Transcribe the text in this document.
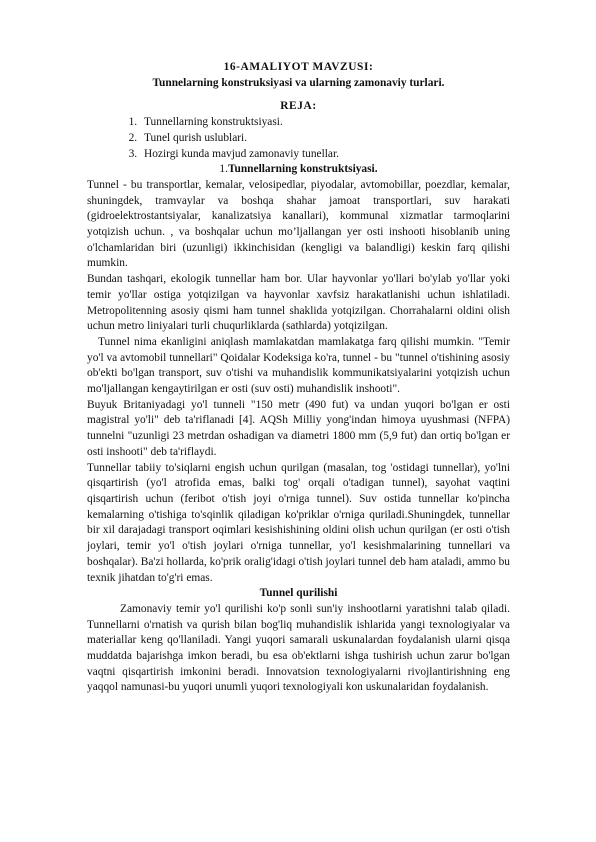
16-AMALIYOT MAVZUSI:
Tunnelarning konstruksiyasi va ularning zamonaviy turlari.
REJA:
1. Tunnellarning konstruktsiyasi.
2. Tunel qurish uslublari.
3. Hozirgi kunda mavjud zamonaviy tunellar.
1.Tunnellarning konstruktsiyasi.

Tunnel - bu transportlar, kemalar, velosipedlar, piyodalar, avtomobillar, poezdlar, kemalar, shuningdek, tramvaylar va boshqa shahar jamoat transportlari, suv harakati (gidroelektrostantsiyalar, kanalizatsiya kanallari), kommunal xizmatlar tarmoqlarini yotqizish uchun. , va boshqalar uchun mo’ljallangan yer osti inshooti hisoblanib uning o'lchamlaridan biri (uzunligi) ikkinchisidan (kengligi va balandligi) keskin farq qilishi mumkin.

Bundan tashqari, ekologik tunnellar ham bor. Ular hayvonlar yo'llari bo'ylab yo'llar yoki temir yo'llar ostiga yotqizilgan va hayvonlar xavfsiz harakatlanishi uchun ishlatiladi. Metropolitenning asosiy qismi ham tunnel shaklida yotqizilgan. Chorrahalarni oldini olish uchun metro liniyalari turli chuqurliklarda (sathlarda) yotqizilgan.

Tunnel nima ekanligini aniqlash mamlakatdan mamlakatga farq qilishi mumkin. "Temir yo'l va avtomobil tunnellari" Qoidalar Kodeksiga ko'ra, tunnel - bu "tunnel o'tishining asosiy ob'ekti bo'lgan transport, suv o'tishi va muhandislik kommunikatsiyalarini yotqizish uchun mo'ljallangan kengaytirilgan er osti (suv osti) muhandislik inshooti".

Buyuk Britaniyadagi yo'l tunneli "150 metr (490 fut) va undan yuqori bo'lgan er osti magistral yo'li" deb ta'riflanadi [4]. AQSh Milliy yong'indan himoya uyushmasi (NFPA) tunnelni "uzunligi 23 metrdan oshadigan va diametri 1800 mm (5,9 fut) dan ortiq bo'lgan er osti inshooti" deb ta'riflaydi.

Tunnellar tabiiy to'siqlarni engish uchun qurilgan (masalan, tog 'ostidagi tunnellar), yo'lni qisqartirish (yo'l atrofida emas, balki tog' orqali o'tadigan tunnel), sayohat vaqtini qisqartirish uchun (feribot o'tish joyi o'rniga tunnel). Suv ostida tunnellar ko'pincha kemalarning o'tishiga to'sqinlik qiladigan ko'priklar o'rniga quriladi.Shuningdek, tunnellar bir xil darajadagi transport oqimlari kesishishining oldini olish uchun qurilgan (er osti o'tish joylari, temir yo'l o'tish joylari o'rniga tunnellar, yo'l kesishmalarining tunnellari va boshqalar). Ba'zi hollarda, ko'prik oralig'idagi o'tish joylari tunnel deb ham ataladi, ammo bu texnik jihatdan to'g'ri emas.

Tunnel qurilishi

Zamonaviy temir yo'l qurilishi ko'p sonli sun'iy inshootlarni yaratishni talab qiladi. Tunnellarni o'rnatish va qurish bilan bog'liq muhandislik ishlarida yangi texnologiyalar va materiallar keng qo'llaniladi. Yangi yuqori samarali uskunalardan foydalanish ularni qisqa muddatda bajarishga imkon beradi, bu esa ob'ektlarni ishga tushirish uchun zarur bo'lgan vaqtni qisqartirish imkonini beradi. Innovatsion texnologiyalarni rivojlantirishning eng yaqqol namunasi-bu yuqori unumli yuqori texnologiyali kon uskunalaridan foydalanish.
